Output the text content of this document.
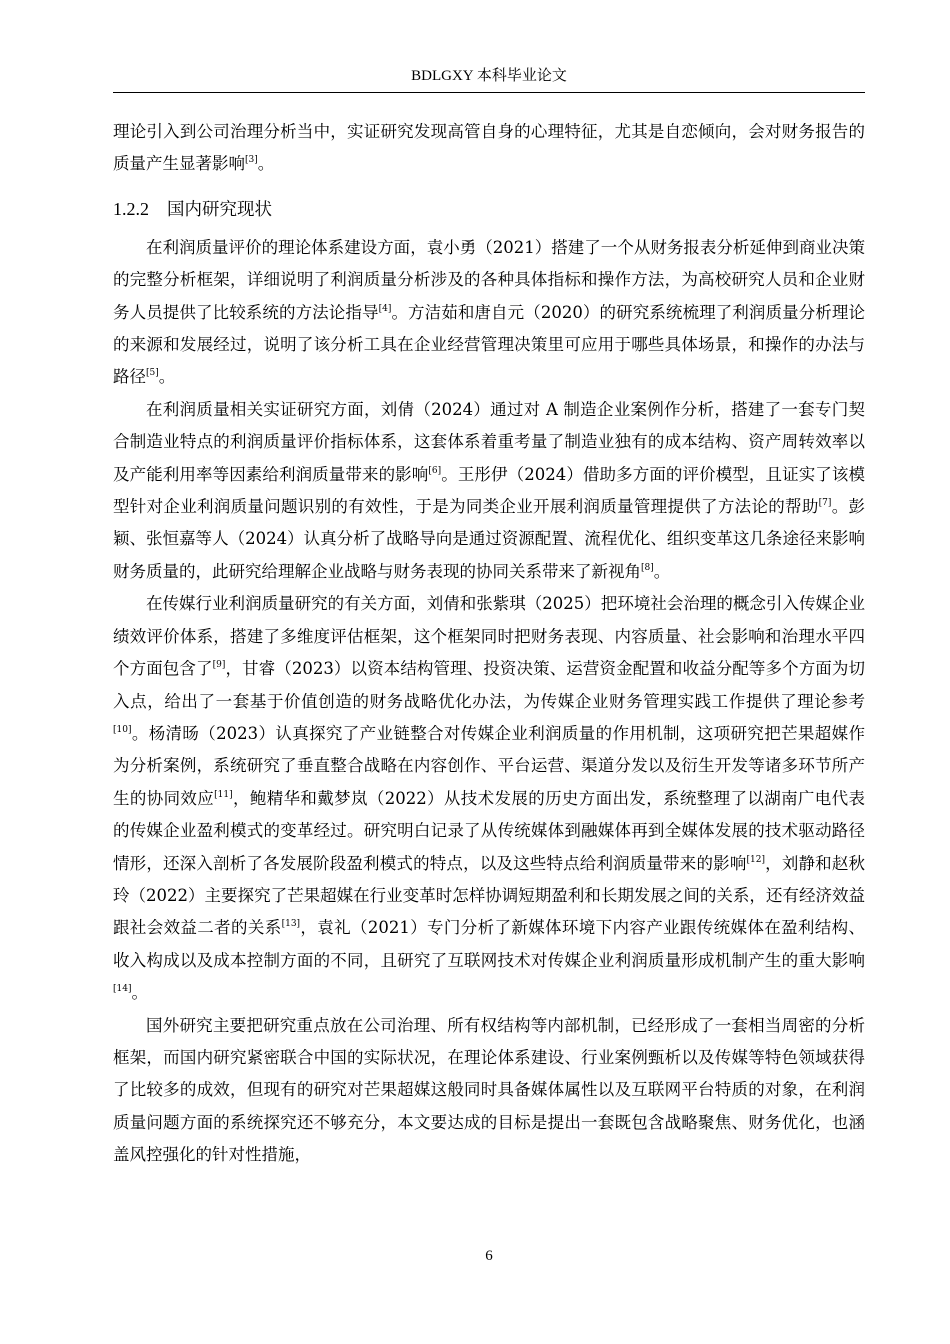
BDLGXY 本科毕业论文

理论引入到公司治理分析当中，实证研究发现高管自身的心理特征，尤其是自恋倾向，会对财务报告的质量产生显著影响[3]。

1.2.2 国内研究现状

在利润质量评价的理论体系建设方面，袁小勇（2021）搭建了一个从财务报表分析延伸到商业决策的完整分析框架，详细说明了利润质量分析涉及的各种具体指标和操作方法，为高校研究人员和企业财务人员提供了比较系统的方法论指导[4]。方洁茹和唐自元（2020）的研究系统梳理了利润质量分析理论的来源和发展经过，说明了该分析工具在企业经营管理决策里可应用于哪些具体场景，和操作的办法与路径[5]。

在利润质量相关实证研究方面，刘倩（2024）通过对 A 制造企业案例作分析，搭建了一套专门契合制造业特点的利润质量评价指标体系，这套体系着重考量了制造业独有的成本结构、资产周转效率以及产能利用率等因素给利润质量带来的影响[6]。王彤伊（2024）借助多方面的评价模型，且证实了该模型针对企业利润质量问题识别的有效性，于是为同类企业开展利润质量管理提供了方法论的帮助[7]。彭颖、张恒嘉等人（2024）认真分析了战略导向是通过资源配置、流程优化、组织变革这几条途径来影响财务质量的，此研究给理解企业战略与财务表现的协同关系带来了新视角[8]。

在传媒行业利润质量研究的有关方面，刘倩和张紫琪（2025）把环境社会治理的概念引入传媒企业绩效评价体系，搭建了多维度评估框架，这个框架同时把财务表现、内容质量、社会影响和治理水平四个方面包含了[9]，甘睿（2023）以资本结构管理、投资决策、运营资金配置和收益分配等多个方面为切入点，给出了一套基于价值创造的财务战略优化办法，为传媒企业财务管理实践工作提供了理论参考[10]。杨清旸（2023）认真探究了产业链整合对传媒企业利润质量的作用机制，这项研究把芒果超媒作为分析案例，系统研究了垂直整合战略在内容创作、平台运营、渠道分发以及衍生开发等诸多环节所产生的协同效应[11]，鲍精华和戴梦岚（2022）从技术发展的历史方面出发，系统整理了以湖南广电代表的传媒企业盈利模式的变革经过。研究明白记录了从传统媒体到融媒体再到全媒体发展的技术驱动路径情形，还深入剖析了各发展阶段盈利模式的特点，以及这些特点给利润质量带来的影响[12]，刘静和赵秋玲（2022）主要探究了芒果超媒在行业变革时怎样协调短期盈利和长期发展之间的关系，还有经济效益跟社会效益二者的关系[13]，袁礼（2021）专门分析了新媒体环境下内容产业跟传统媒体在盈利结构、收入构成以及成本控制方面的不同，且研究了互联网技术对传媒企业利润质量形成机制产生的重大影响[14]。

国外研究主要把研究重点放在公司治理、所有权结构等内部机制，已经形成了一套相当周密的分析框架，而国内研究紧密联合中国的实际状况，在理论体系建设、行业案例甄析以及传媒等特色领域获得了比较多的成效，但现有的研究对芒果超媒这般同时具备媒体属性以及互联网平台特质的对象，在利润质量问题方面的系统探究还不够充分，本文要达成的目标是提出一套既包含战略聚焦、财务优化，也涵盖风控强化的针对性措施，

6
